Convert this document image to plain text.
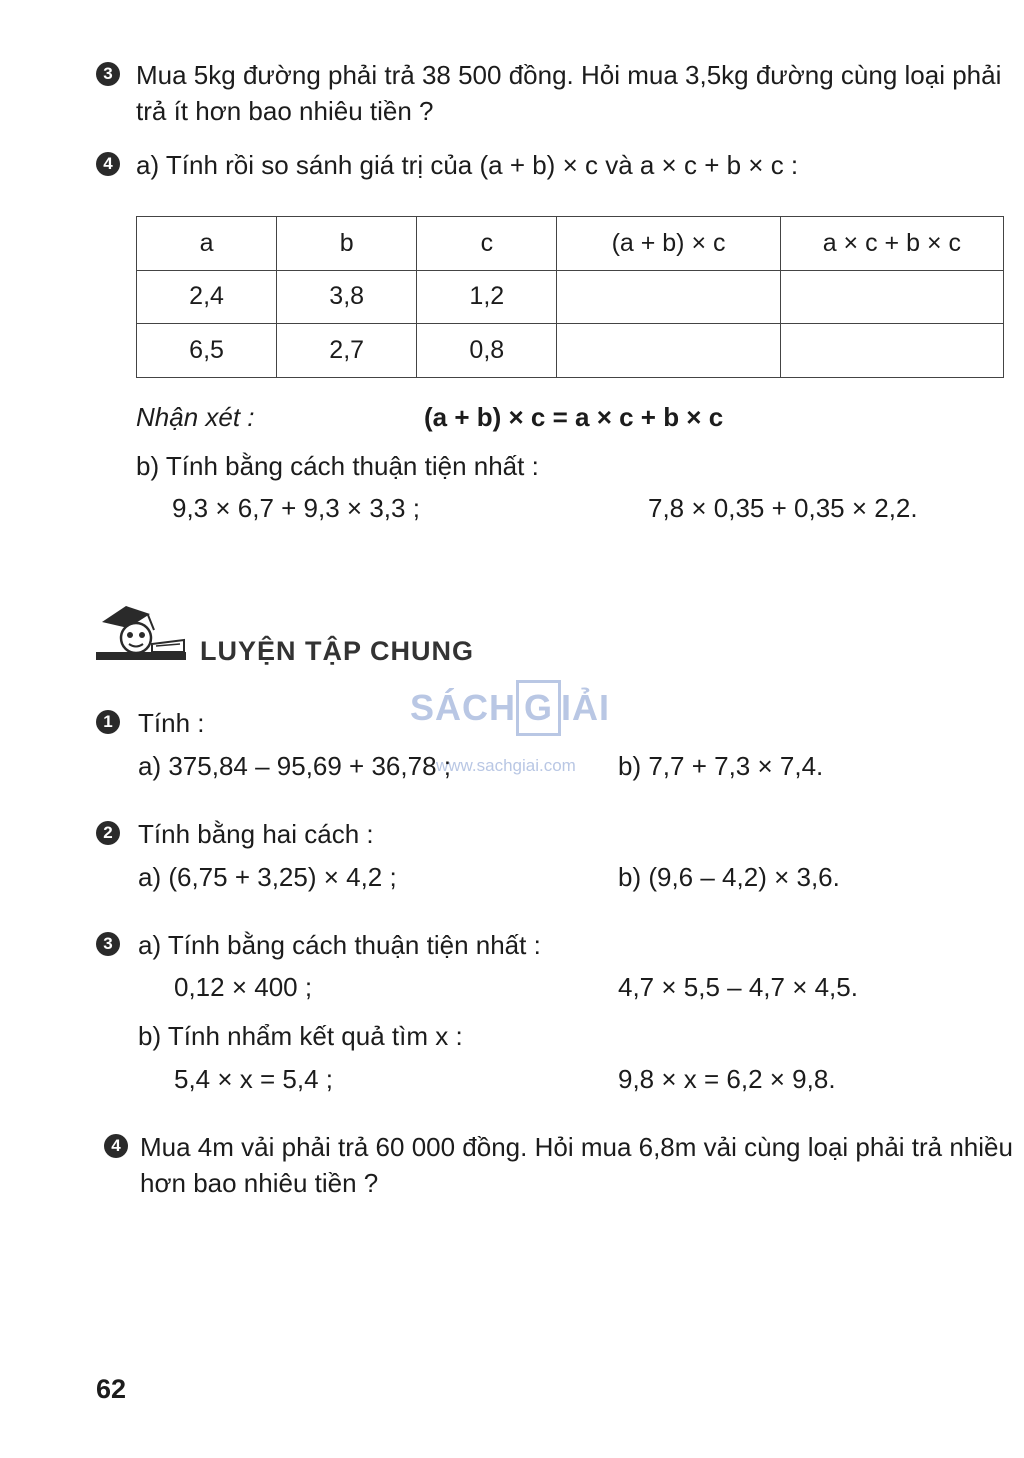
3 Mua 5kg đường phải trả 38 500 đồng. Hỏi mua 3,5kg đường cùng loại phải
trả ít hơn bao nhiêu tiền ?
4 a) Tính rồi so sánh giá trị của (a + b) × c và a × c + b × c :
a	b	c	(a + b) × c	a × c + b × c
2,4	3,8	1,2		
6,5	2,7	0,8		
Nhận xét :	(a + b) × c = a × c + b × c
b) Tính bằng cách thuận tiện nhất :
9,3 × 6,7 + 9,3 × 3,3 ;	7,8 × 0,35 + 0,35 × 2,2.
LUYỆN TẬP CHUNG
SÁCH G IẢI
www.sachgiai.com
1 Tính :
a) 375,84 – 95,69 + 36,78 ;	b) 7,7 + 7,3 × 7,4.
2 Tính bằng hai cách :
a) (6,75 + 3,25) × 4,2 ;	b) (9,6 – 4,2) × 3,6.
3 a) Tính bằng cách thuận tiện nhất :
0,12 × 400 ;	4,7 × 5,5 – 4,7 × 4,5.
b) Tính nhẩm kết quả tìm x :
5,4 × x = 5,4 ;	9,8 × x = 6,2 × 9,8.
4 Mua 4m vải phải trả 60 000 đồng. Hỏi mua 6,8m vải cùng loại phải trả nhiều
hơn bao nhiêu tiền ?
62
